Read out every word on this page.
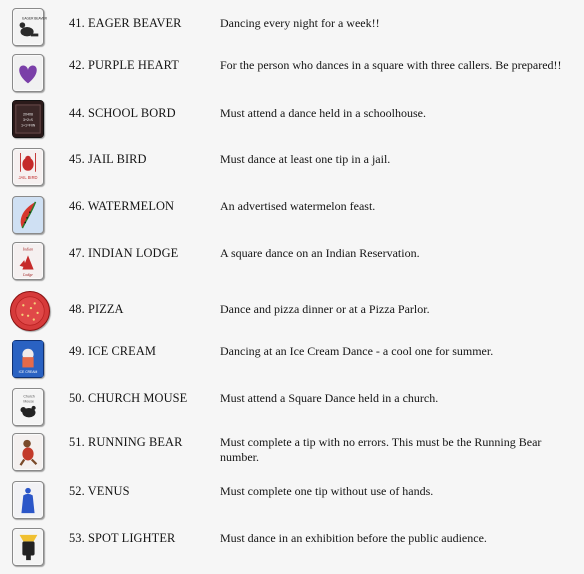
EAGER BEAVER 41. EAGER BEAVER	Dancing every night for a week!!
42. PURPLE HEART	For the person who dances in a square with three callers. Be prepared!!
2X4X8
3+2=5
1+1=FUN
44. SCHOOL BORD	Must attend a dance held in a schoolhouse.
JAIL BIRD
45. JAIL BIRD	Must dance at least one tip in a jail.
46. WATERMELON	An advertised watermelon feast.
Indian
Lodge
47. INDIAN LODGE	A square dance on an Indian Reservation.
48. PIZZA	Dance and pizza dinner or at a Pizza Parlor.
ICE CREAM
49. ICE CREAM	Dancing at an Ice Cream Dance - a cool one for summer.
Church
Mouse	50. CHURCH MOUSE	Must attend a Square Dance held in a church.
51. RUNNING BEAR	Must complete a tip with no errors. This must be the Running Bear number.
52. VENUS	Must complete one tip without use of hands.
53. SPOT LIGHTER	Must dance in an exhibition before the public audience.
